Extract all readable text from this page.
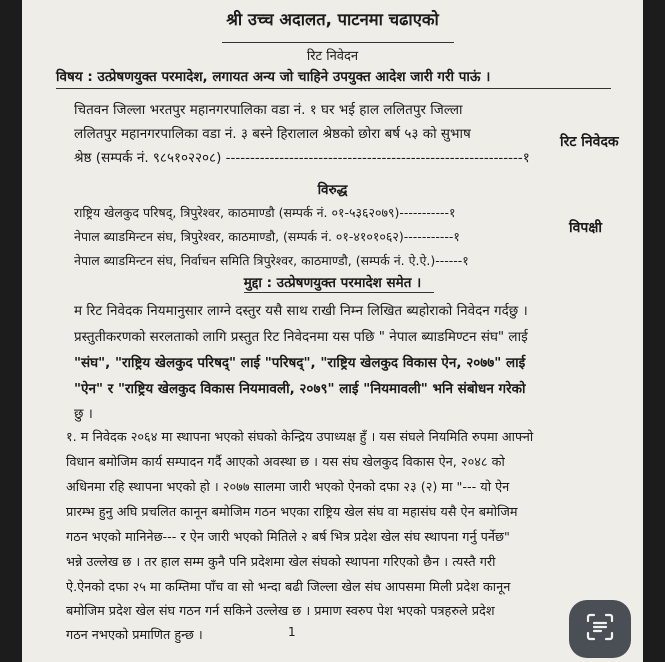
श्री उच्च अदालत, पाटनमा चढाएको
रिट निवेदन
विषय : उत्प्रेषणयुक्त परमादेश, लगायत अन्य जो चाहिने उपयुक्त आदेश जारी गरी पाऊं ।
चितवन जिल्ला भरतपुर महानगरपालिका वडा नं. १ घर भई हाल ललितपुर जिल्ला
ललितपुर महानगरपालिका वडा नं. ३ बस्ने हिरालाल श्रेष्ठको छोरा बर्ष ५३ को सुभाष
श्रेष्ठ (सम्पर्क नं. ९८५१०२२०८) -------------------------------------------------------------१
रिट निवेदक
विरुद्ध
राष्ट्रिय खेलकुद परिषद्, त्रिपुरेश्वर, काठमाण्डौ (सम्पर्क नं. ०१-५३६२०७९)-----------१
नेपाल ब्याडमिन्टन संघ, त्रिपुरेश्वर, काठमाण्डौ, (सम्पर्क नं. ०१-४१०१०६२)-----------१
नेपाल ब्याडमिन्टन संघ, निर्वाचन समिति त्रिपुरेश्वर, काठमाण्डौ, (सम्पर्क नं. ऐ.ऐ.)------१
विपक्षी
मुद्दा : उत्प्रेषणयुक्त परमादेश समेत ।
म रिट निवेदक नियमानुसार लाग्ने दस्तुर यसै साथ राखी निम्न लिखित ब्यहोराको निवेदन गर्दछु ।
प्रस्तुतीकरणको सरलताको लागि प्रस्तुत रिट निवेदनमा यस पछि " नेपाल ब्याडमिण्टन संघ" लाई
"संघ", "राष्ट्रिय खेलकुद परिषद्" लाई "परिषद्", "राष्ट्रिय खेलकुद विकास ऐन, २०७७" लाई
"ऐन" र "राष्ट्रिय खेलकुद विकास नियमावली, २०७९" लाई "नियमावली" भनि संबोधन गरेको
छु ।
१. म निवेदक २०६४ मा स्थापना भएको संघको केन्द्रिय उपाध्यक्ष हुँ । यस संघले नियमिति रुपमा आफ्नो
विधान बमोजिम कार्य सम्पादन गर्दै आएको अवस्था छ । यस संघ खेलकुद विकास ऐन, २०४८ को
अधिनमा रहि स्थापना भएको हो । २०७७ सालमा जारी भएको ऐनको दफा २३ (२) मा "--- यो ऐन
प्रारम्भ हुनु अघि प्रचलित कानून बमोजिम गठन भएका राष्ट्रिय खेल संघ वा महासंघ यसै ऐन बमोजिम
गठन भएको मानिनेछ--- र ऐन जारी भएको मितिले २ बर्ष भित्र प्रदेश खेल संघ स्थापना गर्नु पर्नेछ"
भन्ने उल्लेख छ । तर हाल सम्म कुनै पनि प्रदेशमा खेल संघको स्थापना गरिएको छैन । त्यस्तै गरी
ऐ.ऐनको दफा २५ मा कम्तिमा पाँच वा सो भन्दा बढी जिल्ला खेल संघ आपसमा मिली प्रदेश कानून
बमोजिम प्रदेश खेल संघ गठन गर्न सकिने उल्लेख छ । प्रमाण स्वरुप पेश भएको पत्रहरुले प्रदेश
गठन नभएको प्रमाणित हुन्छ ।	1
